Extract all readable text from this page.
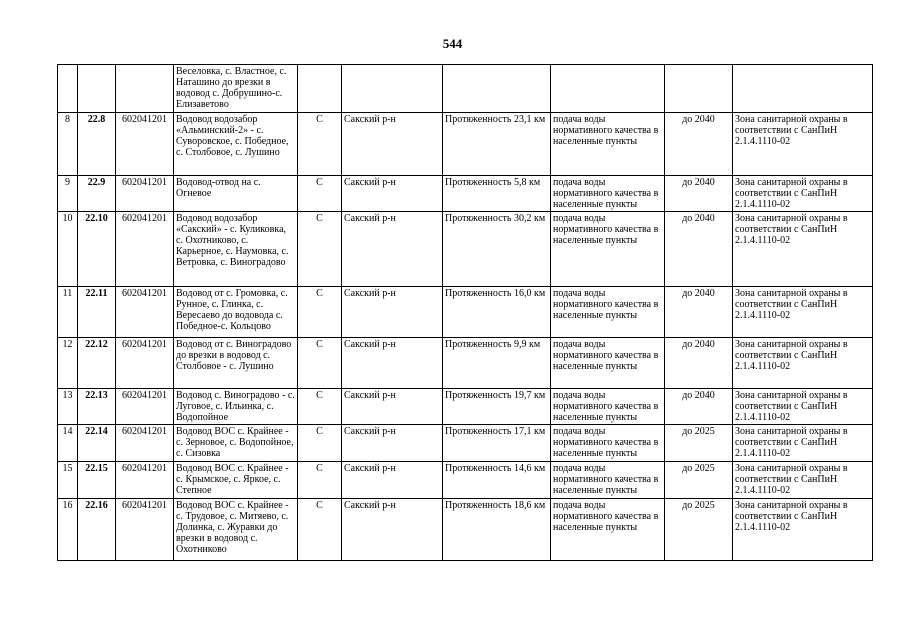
544
			Веселовка, с. Властное, с. Наташино до врезки в водовод с. Добрушино-с. Елизаветово						
8	22.8	602041201	Водовод водозабор «Альминский-2» - с. Суворовское, с. Победное, с. Столбовое, с. Лушино	С	Сакский р-н	Протяженность 23,1 км	подача воды нормативного качества в населенные пункты	до 2040	Зона санитарной охраны в соответствии с СанПиН 2.1.4.1110-02
9	22.9	602041201	Водовод-отвод на с. Огневое	С	Сакский р-н	Протяженность 5,8 км	подача воды нормативного качества в населенные пункты	до 2040	Зона санитарной охраны в соответствии с СанПиН 2.1.4.1110-02
10	22.10	602041201	Водовод водозабор «Сакский» - с. Куликовка, с. Охотниково, с. Карьерное, с. Наумовка, с. Ветровка, с. Виноградово	С	Сакский р-н	Протяженность 30,2 км	подача воды нормативного качества в населенные пункты	до 2040	Зона санитарной охраны в соответствии с СанПиН 2.1.4.1110-02
11	22.11	602041201	Водовод от с. Громовка, с. Рунное, с. Глинка, с. Вересаево до водовода с. Победное-с. Кольцово	С	Сакский р-н	Протяженность 16,0 км	подача воды нормативного качества в населенные пункты	до 2040	Зона санитарной охраны в соответствии с СанПиН 2.1.4.1110-02
12	22.12	602041201	Водовод от с. Виноградово до врезки в водовод с. Столбовое - с. Лушино	С	Сакский р-н	Протяженность 9,9 км	подача воды нормативного качества в населенные пункты	до 2040	Зона санитарной охраны в соответствии с СанПиН 2.1.4.1110-02
13	22.13	602041201	Водовод с. Виноградово - с. Луговое, с. Ильинка, с. Водопойное	С	Сакский р-н	Протяженность 19,7 км	подача воды нормативного качества в населенные пункты	до 2040	Зона санитарной охраны в соответствии с СанПиН 2.1.4.1110-02
14	22.14	602041201	Водовод ВОС с. Крайнее - с. Зерновое, с. Водопойное, с. Сизовка	С	Сакский р-н	Протяженность 17,1 км	подача воды нормативного качества в населенные пункты	до 2025	Зона санитарной охраны в соответствии с СанПиН 2.1.4.1110-02
15	22.15	602041201	Водовод ВОС с. Крайнее - с. Крымское, с. Яркое, с. Степное	С	Сакский р-н	Протяженность 14,6 км	подача воды нормативного качества в населенные пункты	до 2025	Зона санитарной охраны в соответствии с СанПиН 2.1.4.1110-02
16	22.16	602041201	Водовод ВОС с. Крайнее - с. Трудовое, с. Митяево, с. Долинка, с. Журавки до врезки в водовод с. Охотниково	С	Сакский р-н	Протяженность 18,6 км	подача воды нормативного качества в населенные пункты	до 2025	Зона санитарной охраны в соответствии с СанПиН 2.1.4.1110-02
